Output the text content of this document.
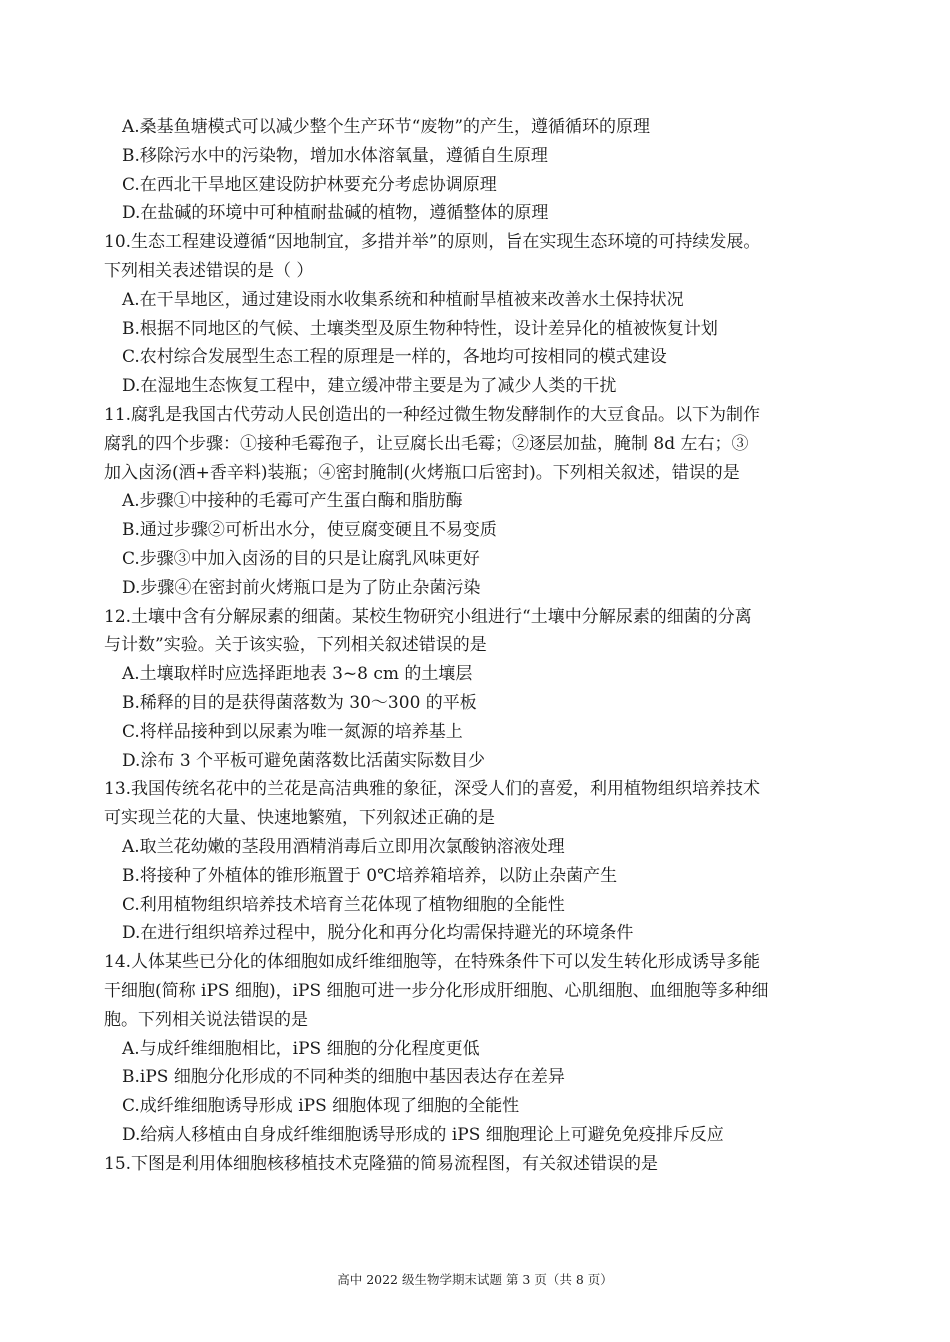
A.桑基鱼塘模式可以减少整个生产环节“废物”的产生，遵循循环的原理
B.移除污水中的污染物，增加水体溶氧量，遵循自生原理
C.在西北干旱地区建设防护林要充分考虑协调原理
D.在盐碱的环境中可种植耐盐碱的植物，遵循整体的原理
10.生态工程建设遵循“因地制宜，多措并举”的原则，旨在实现生态环境的可持续发展。
下列相关表述错误的是（ ）
A.在干旱地区，通过建设雨水收集系统和种植耐旱植被来改善水土保持状况
B.根据不同地区的气候、土壤类型及原生物种特性，设计差异化的植被恢复计划
C.农村综合发展型生态工程的原理是一样的，各地均可按相同的模式建设
D.在湿地生态恢复工程中，建立缓冲带主要是为了减少人类的干扰
11.腐乳是我国古代劳动人民创造出的一种经过微生物发酵制作的大豆食品。以下为制作
腐乳的四个步骤：①接种毛霉孢子，让豆腐长出毛霉；②逐层加盐，腌制 8d 左右；③
加入卤汤(酒+香辛料)装瓶；④密封腌制(火烤瓶口后密封)。下列相关叙述，错误的是
A.步骤①中接种的毛霉可产生蛋白酶和脂肪酶
B.通过步骤②可析出水分，使豆腐变硬且不易变质
C.步骤③中加入卤汤的目的只是让腐乳风味更好
D.步骤④在密封前火烤瓶口是为了防止杂菌污染
12.土壤中含有分解尿素的细菌。某校生物研究小组进行“土壤中分解尿素的细菌的分离
与计数”实验。关于该实验，下列相关叙述错误的是
A.土壤取样时应选择距地表 3~8 cm 的土壤层
B.稀释的目的是获得菌落数为 30～300 的平板
C.将样品接种到以尿素为唯一氮源的培养基上
D.涂布 3 个平板可避免菌落数比活菌实际数目少
13.我国传统名花中的兰花是高洁典雅的象征，深受人们的喜爱，利用植物组织培养技术
可实现兰花的大量、快速地繁殖，下列叙述正确的是
A.取兰花幼嫩的茎段用酒精消毒后立即用次氯酸钠溶液处理
B.将接种了外植体的锥形瓶置于 0℃培养箱培养，以防止杂菌产生
C.利用植物组织培养技术培育兰花体现了植物细胞的全能性
D.在进行组织培养过程中，脱分化和再分化均需保持避光的环境条件
14.人体某些已分化的体细胞如成纤维细胞等，在特殊条件下可以发生转化形成诱导多能
干细胞(简称 iPS 细胞)，iPS 细胞可进一步分化形成肝细胞、心肌细胞、血细胞等多种细
胞。下列相关说法错误的是
A.与成纤维细胞相比，iPS 细胞的分化程度更低
B.iPS 细胞分化形成的不同种类的细胞中基因表达存在差异
C.成纤维细胞诱导形成 iPS 细胞体现了细胞的全能性
D.给病人移植由自身成纤维细胞诱导形成的 iPS 细胞理论上可避免免疫排斥反应
15.下图是利用体细胞核移植技术克隆猫的简易流程图，有关叙述错误的是
高中 2022 级生物学期末试题 第 3 页（共 8 页）
